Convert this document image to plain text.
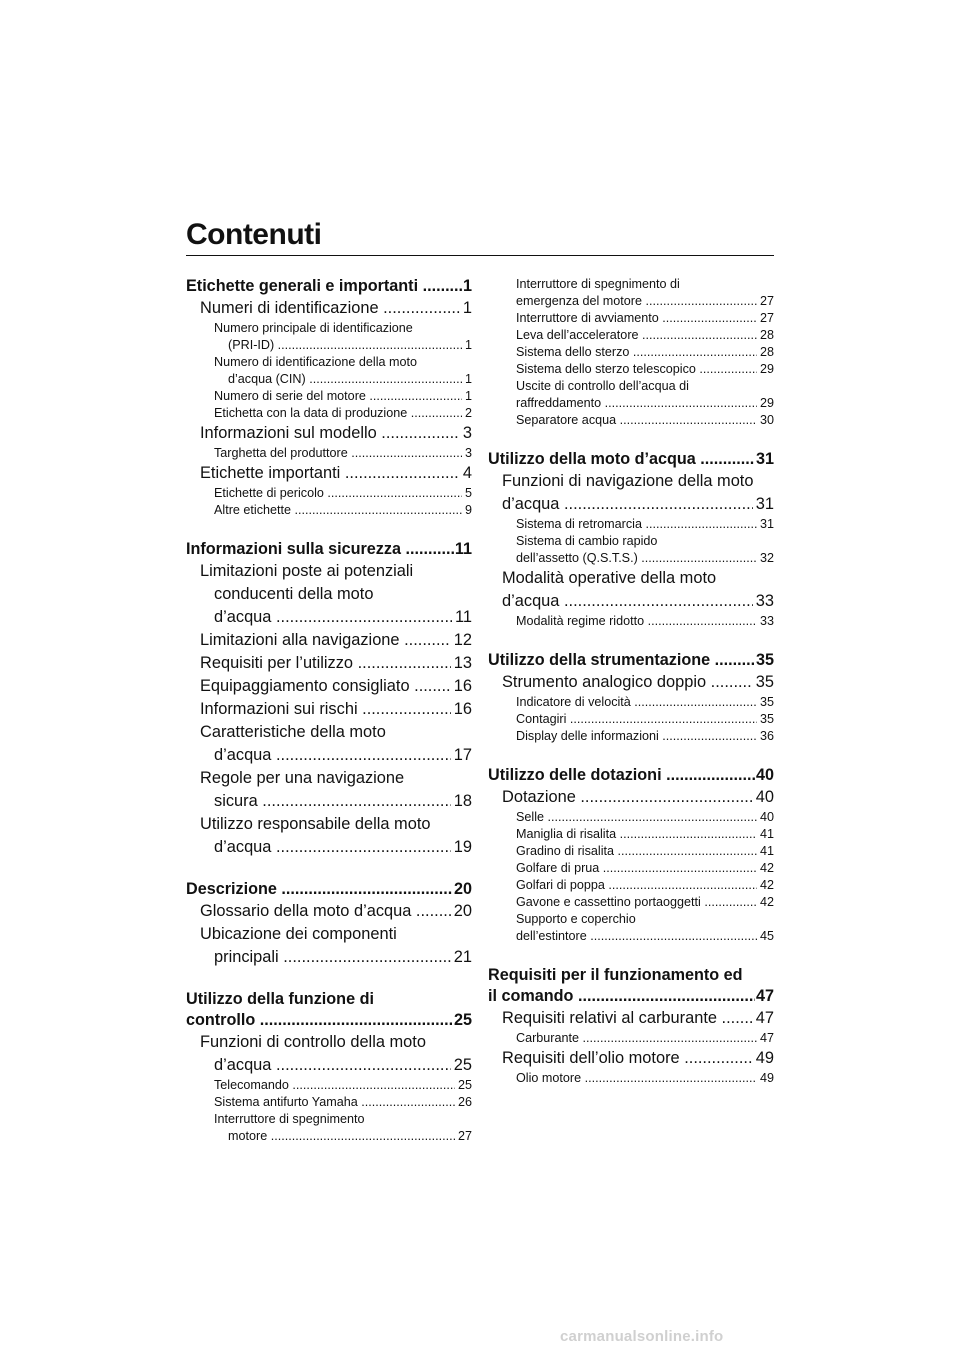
Contenuti
Etichette generali e importanti .....	1
Numeri di identificazione .....	1
Numero principale di identificazione
(PRI-ID) .....	1
Numero di identificazione della moto
d’acqua (CIN) .....	1
Numero di serie del motore .....	1
Etichetta con la data di produzione .....	2
Informazioni sul modello .....	3
Targhetta del produttore .....	3
Etichette importanti .....	4
Etichette di pericolo .....	5
Altre etichette .....	9
Informazioni sulla sicurezza .....	11
Limitazioni poste ai potenziali
conducenti della moto
d’acqua .....	11
Limitazioni alla navigazione .....	12
Requisiti per l’utilizzo .....	13
Equipaggiamento consigliato .....	16
Informazioni sui rischi .....	16
Caratteristiche della moto
d’acqua .....	17
Regole per una navigazione
sicura .....	18
Utilizzo responsabile della moto
d’acqua .....	19
Descrizione .....	20
Glossario della moto d’acqua .....	20
Ubicazione dei componenti
principali .....	21
Utilizzo della funzione di
controllo .....	25
Funzioni di controllo della moto
d’acqua .....	25
Telecomando .....	25
Sistema antifurto Yamaha .....	26
Interruttore di spegnimento
motore .....	27
Interruttore di spegnimento di
emergenza del motore .....	27
Interruttore di avviamento .....	27
Leva dell’acceleratore .....	28
Sistema dello sterzo .....	28
Sistema dello sterzo telescopico .....	29
Uscite di controllo dell’acqua di
raffreddamento .....	29
Separatore acqua .....	30
Utilizzo della moto d’acqua .....	31
Funzioni di navigazione della moto
d’acqua .....	31
Sistema di retromarcia .....	31
Sistema di cambio rapido
dell’assetto (Q.S.T.S.) .....	32
Modalità operative della moto
d’acqua .....	33
Modalità regime ridotto .....	33
Utilizzo della strumentazione .....	35
Strumento analogico doppio .....	35
Indicatore di velocità .....	35
Contagiri .....	35
Display delle informazioni .....	36
Utilizzo delle dotazioni .....	40
Dotazione .....	40
Selle .....	40
Maniglia di risalita .....	41
Gradino di risalita .....	41
Golfare di prua .....	42
Golfari di poppa .....	42
Gavone e cassettino portaoggetti .....	42
Supporto e coperchio
dell’estintore .....	45
Requisiti per il funzionamento ed
il comando .....	47
Requisiti relativi al carburante .....	47
Carburante .....	47
Requisiti dell’olio motore .....	49
Olio motore .....	49
carmanualsonline.info
